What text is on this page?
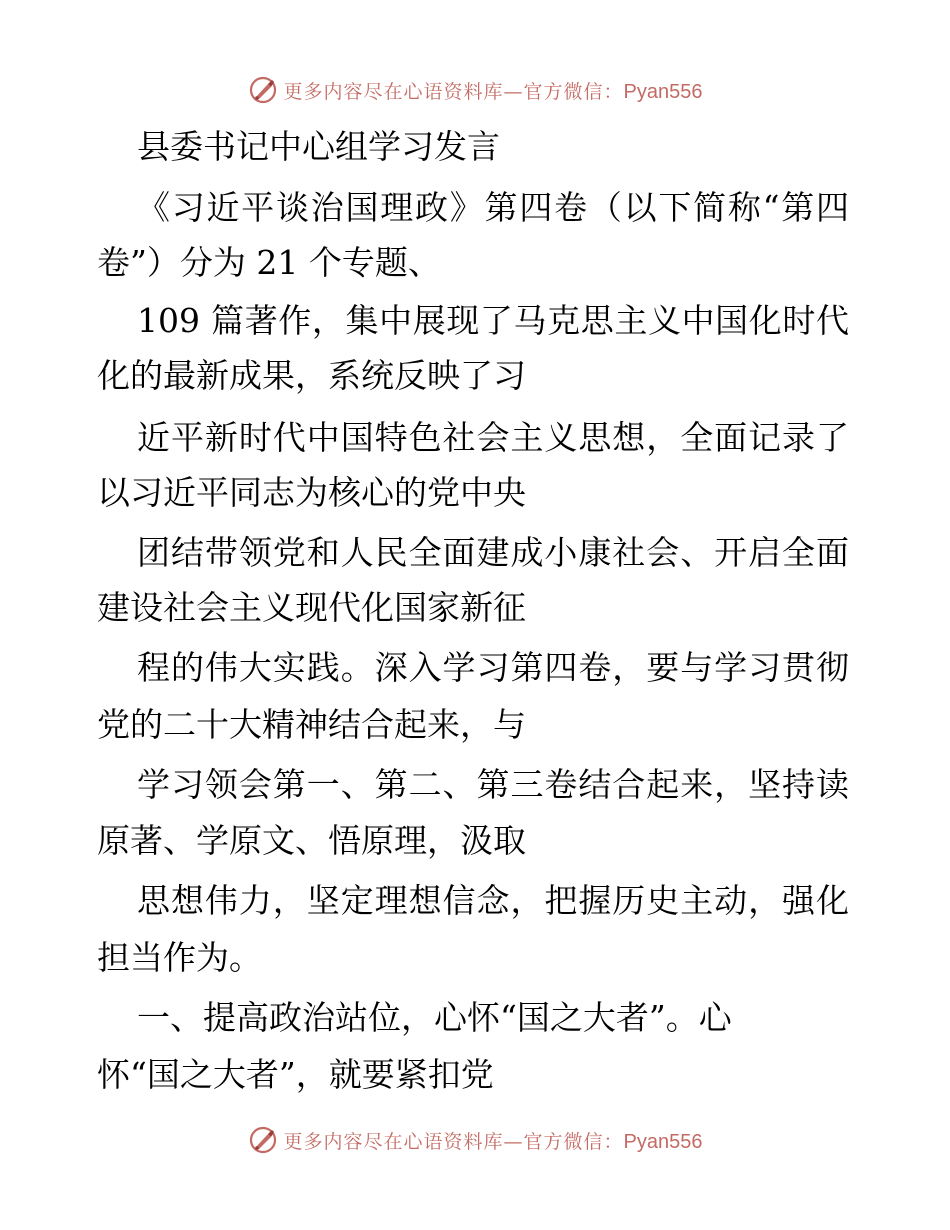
更多内容尽在心语资料库—官方微信：Pyan556
县委书记中心组学习发言
《习近平谈治国理政》第四卷（以下简称“第四
卷”）分为 21 个专题、
109 篇著作，集中展现了马克思主义中国化时代
化的最新成果，系统反映了习
近平新时代中国特色社会主义思想，全面记录了
以习近平同志为核心的党中央
团结带领党和人民全面建成小康社会、开启全面
建设社会主义现代化国家新征
程的伟大实践。深入学习第四卷，要与学习贯彻
党的二十大精神结合起来，与
学习领会第一、第二、第三卷结合起来，坚持读
原著、学原文、悟原理，汲取
思想伟力，坚定理想信念，把握历史主动，强化
担当作为。
一、提高政治站位，心怀“国之大者”。心
怀“国之大者”，就要紧扣党
更多内容尽在心语资料库—官方微信：Pyan556
